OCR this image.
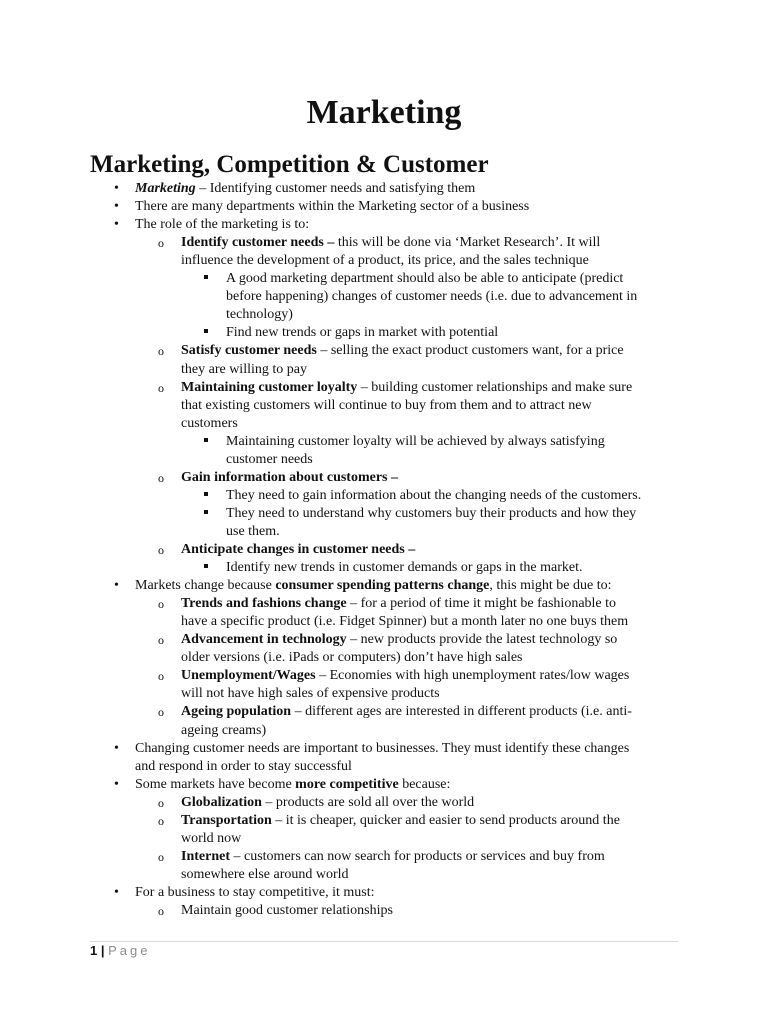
Marketing
Marketing, Competition & Customer
•
Marketing – Identifying customer needs and satisfying them
•
There are many departments within the Marketing sector of a business
•
The role of the marketing is to:
o
Identify customer needs – this will be done via ‘Market Research’. It will
influence the development of a product, its price, and the sales technique
A good marketing department should also be able to anticipate (predict
before happening) changes of customer needs (i.e. due to advancement in
technology)
Find new trends or gaps in market with potential
o
Satisfy customer needs – selling the exact product customers want, for a price
they are willing to pay
o
Maintaining customer loyalty – building customer relationships and make sure
that existing customers will continue to buy from them and to attract new
customers
Maintaining customer loyalty will be achieved by always satisfying
customer needs
o
Gain information about customers –
They need to gain information about the changing needs of the customers.
They need to understand why customers buy their products and how they
use them.
o
Anticipate changes in customer needs –
Identify new trends in customer demands or gaps in the market.
•
Markets change because consumer spending patterns change, this might be due to:
o
Trends and fashions change – for a period of time it might be fashionable to
have a specific product (i.e. Fidget Spinner) but a month later no one buys them
o
Advancement in technology – new products provide the latest technology so
older versions (i.e. iPads or computers) don’t have high sales
o
Unemployment/Wages – Economies with high unemployment rates/low wages
will not have high sales of expensive products
o
Ageing population – different ages are interested in different products (i.e. anti-
ageing creams)
•
Changing customer needs are important to businesses. They must identify these changes
and respond in order to stay successful
•
Some markets have become more competitive because:
o
Globalization – products are sold all over the world
o
Transportation – it is cheaper, quicker and easier to send products around the
world now
o
Internet – customers can now search for products or services and buy from
somewhere else around world
•
For a business to stay competitive, it must:
o
Maintain good customer relationships
1 | Page
